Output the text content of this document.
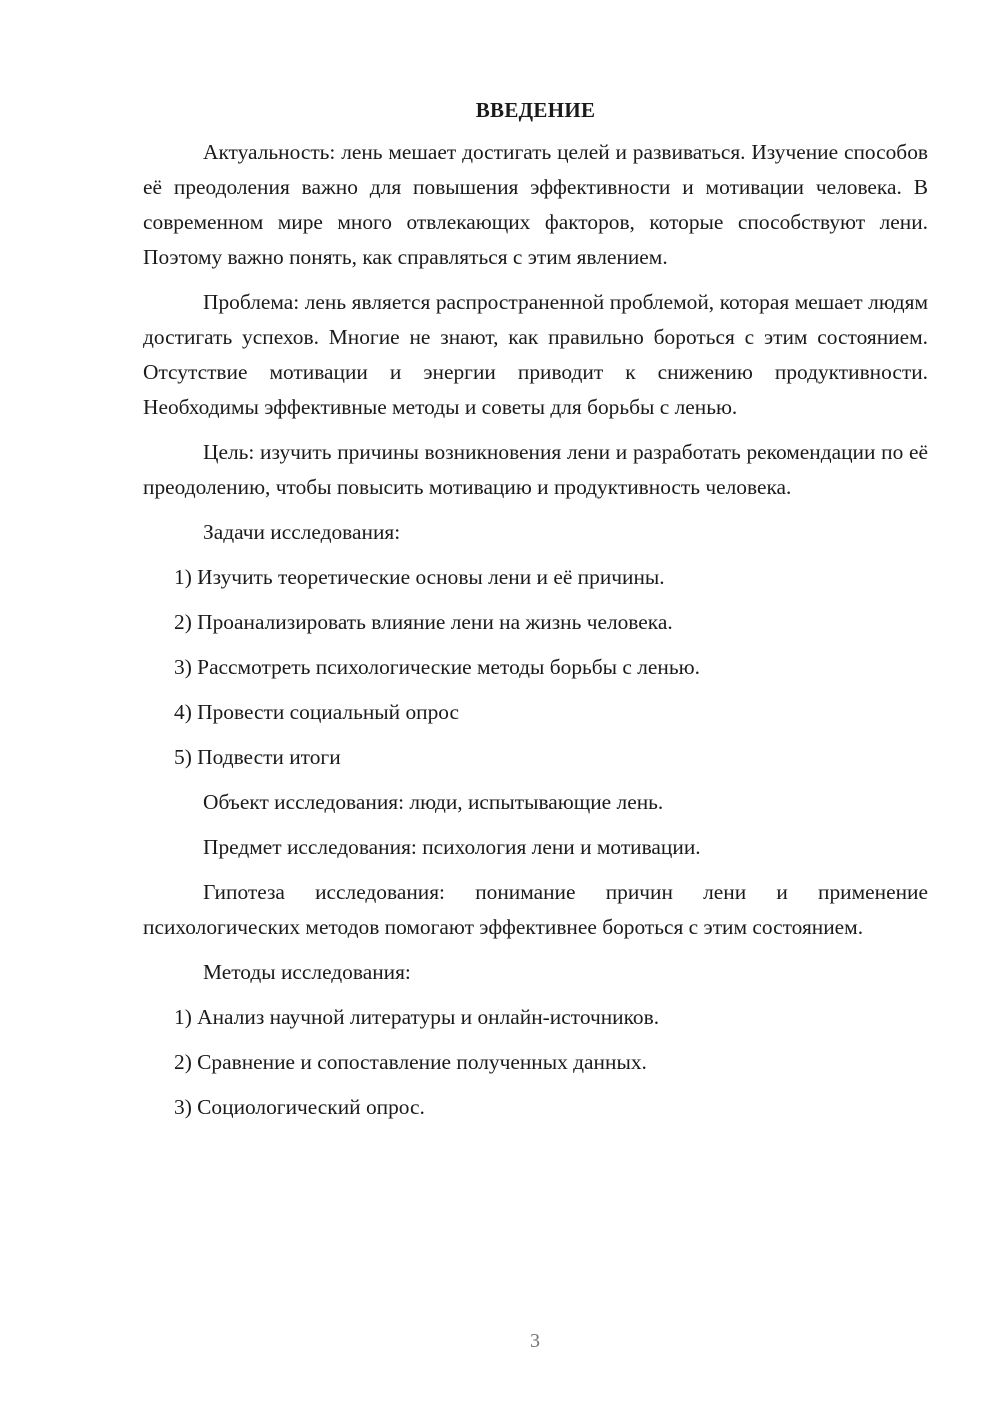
ВВЕДЕНИЕ

Актуальность: лень мешает достигать целей и развиваться. Изучение способов её преодоления важно для повышения эффективности и мотивации человека. В современном мире много отвлекающих факторов, которые способствуют лени. Поэтому важно понять, как справляться с этим явлением.

Проблема: лень является распространенной проблемой, которая мешает людям достигать успехов. Многие не знают, как правильно бороться с этим состоянием. Отсутствие мотивации и энергии приводит к снижению продуктивности. Необходимы эффективные методы и советы для борьбы с ленью.

Цель: изучить причины возникновения лени и разработать рекомендации по её преодолению, чтобы повысить мотивацию и продуктивность человека.

Задачи исследования:

1) Изучить теоретические основы лени и её причины.

2) Проанализировать влияние лени на жизнь человека.

3) Рассмотреть психологические методы борьбы с ленью.

4) Провести социальный опрос

5) Подвести итоги

Объект исследования: люди, испытывающие лень.

Предмет исследования: психология лени и мотивации.

Гипотеза исследования: понимание причин лени и применение психологических методов помогают эффективнее бороться с этим состоянием.

Методы исследования:

1) Анализ научной литературы и онлайн-источников.

2) Сравнение и сопоставление полученных данных.

3) Социологический опрос.

3
